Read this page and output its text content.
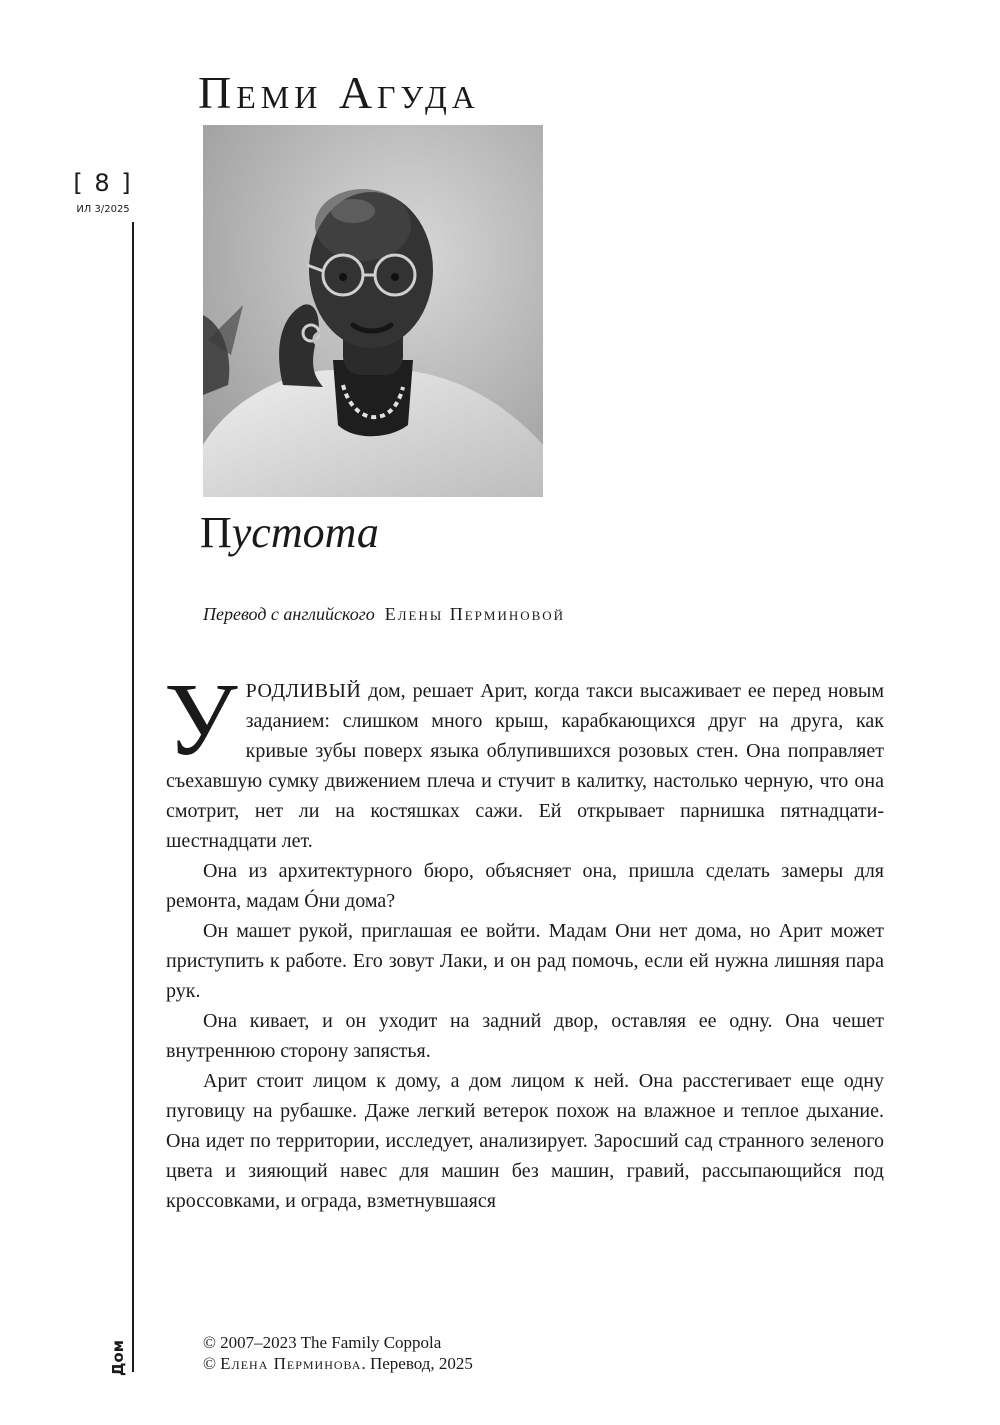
[ 8 ]
ИЛ 3/2025
Дом
Пеми Агуда
Пустота
Перевод с английского Елены Перминовой

УРОДЛИВЫЙ дом, решает Арит, когда такси высаживает ее перед новым заданием: слишком много крыш, карабкающихся друг на друга, как кривые зубы поверх языка облупившихся розовых стен. Она поправляет съехавшую сумку движением плеча и стучит в калитку, настолько черную, что она смотрит, нет ли на костяшках сажи. Ей открывает парнишка пятнадцати-шестнадцати лет.

Она из архитектурного бюро, объясняет она, пришла сделать замеры для ремонта, мадам Óни дома?

Он машет рукой, приглашая ее войти. Мадам Они нет дома, но Арит может приступить к работе. Его зовут Лаки, и он рад помочь, если ей нужна лишняя пара рук.

Она кивает, и он уходит на задний двор, оставляя ее одну. Она чешет внутреннюю сторону запястья.

Арит стоит лицом к дому, а дом лицом к ней. Она расстегивает еще одну пуговицу на рубашке. Даже легкий ветерок похож на влажное и теплое дыхание. Она идет по территории, исследует, анализирует. Заросший сад странного зеленого цвета и зияющий навес для машин без машин, гравий, рассыпающийся под кроссовками, и ограда, взметнувшаяся

© 2007–2023 The Family Coppola
© Елена Перминова. Перевод, 2025
